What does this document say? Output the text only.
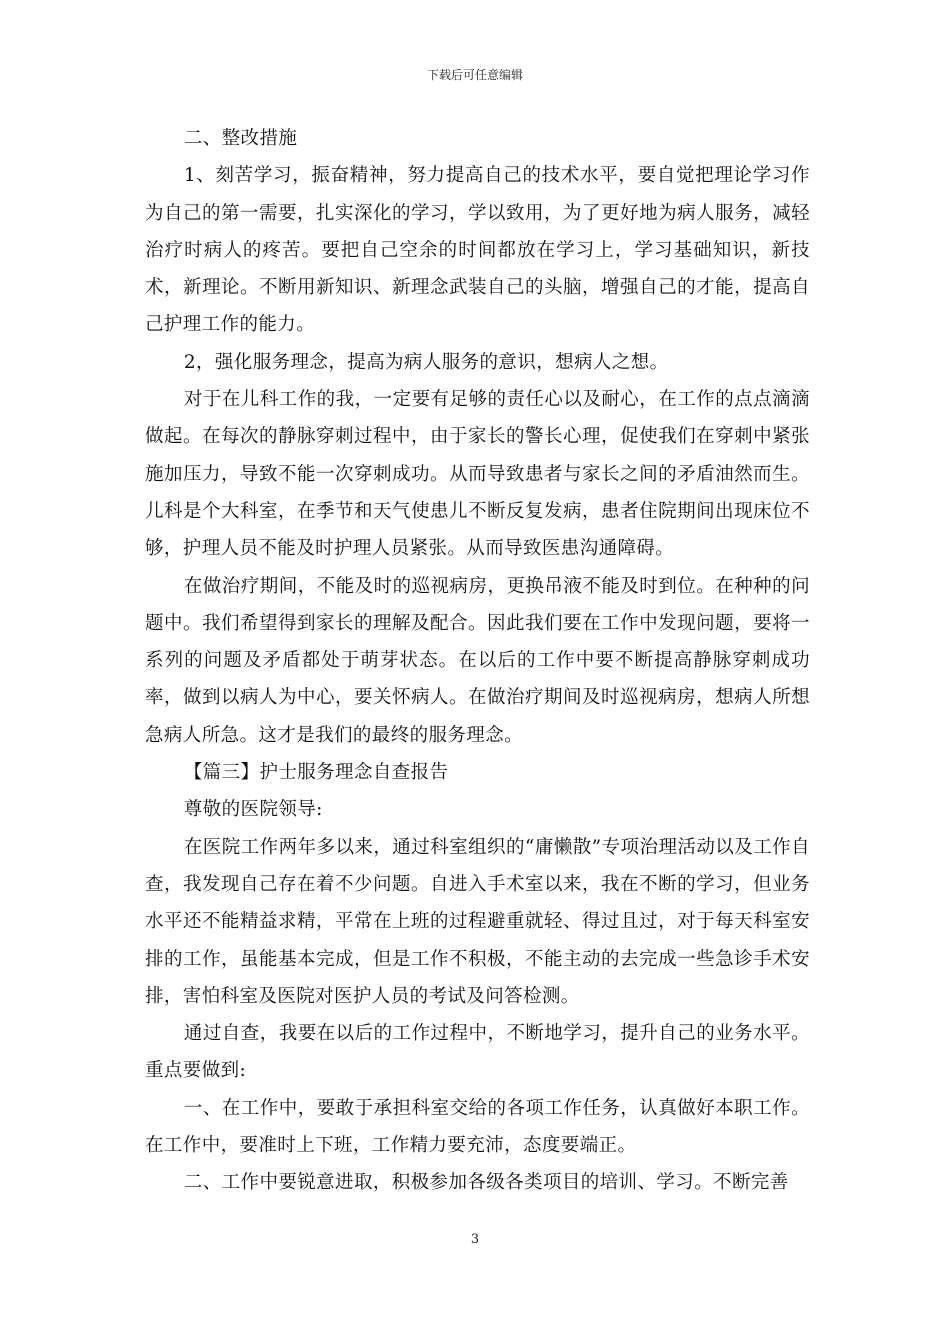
下载后可任意编辑

二、整改措施

1、刻苦学习，振奋精神，努力提高自己的技术水平，要自觉把理论学习作为自己的第一需要，扎实深化的学习，学以致用，为了更好地为病人服务，减轻治疗时病人的疼苦。要把自己空余的时间都放在学习上，学习基础知识，新技术，新理论。不断用新知识、新理念武装自己的头脑，增强自己的才能，提高自己护理工作的能力。

2，强化服务理念，提高为病人服务的意识，想病人之想。

对于在儿科工作的我，一定要有足够的责任心以及耐心，在工作的点点滴滴做起。在每次的静脉穿刺过程中，由于家长的警长心理，促使我们在穿刺中紧张施加压力，导致不能一次穿刺成功。从而导致患者与家长之间的矛盾油然而生。儿科是个大科室，在季节和天气使患儿不断反复发病，患者住院期间出现床位不够，护理人员不能及时护理人员紧张。从而导致医患沟通障碍。

在做治疗期间，不能及时的巡视病房，更换吊液不能及时到位。在种种的问题中。我们希望得到家长的理解及配合。因此我们要在工作中发现问题，要将一系列的问题及矛盾都处于萌芽状态。在以后的工作中要不断提高静脉穿刺成功率，做到以病人为中心，要关怀病人。在做治疗期间及时巡视病房，想病人所想急病人所急。这才是我们的最终的服务理念。

【篇三】护士服务理念自查报告

尊敬的医院领导:

在医院工作两年多以来，通过科室组织的“庸懒散”专项治理活动以及工作自查，我发现自己存在着不少问题。自进入手术室以来，我在不断的学习，但业务水平还不能精益求精，平常在上班的过程避重就轻、得过且过，对于每天科室安排的工作，虽能基本完成，但是工作不积极，不能主动的去完成一些急诊手术安排，害怕科室及医院对医护人员的考试及问答检测。

通过自查，我要在以后的工作过程中，不断地学习，提升自己的业务水平。重点要做到:

一、在工作中，要敢于承担科室交给的各项工作任务，认真做好本职工作。在工作中，要准时上下班，工作精力要充沛，态度要端正。

二、工作中要锐意进取，积极参加各级各类项目的培训、学习。不断完善

3
